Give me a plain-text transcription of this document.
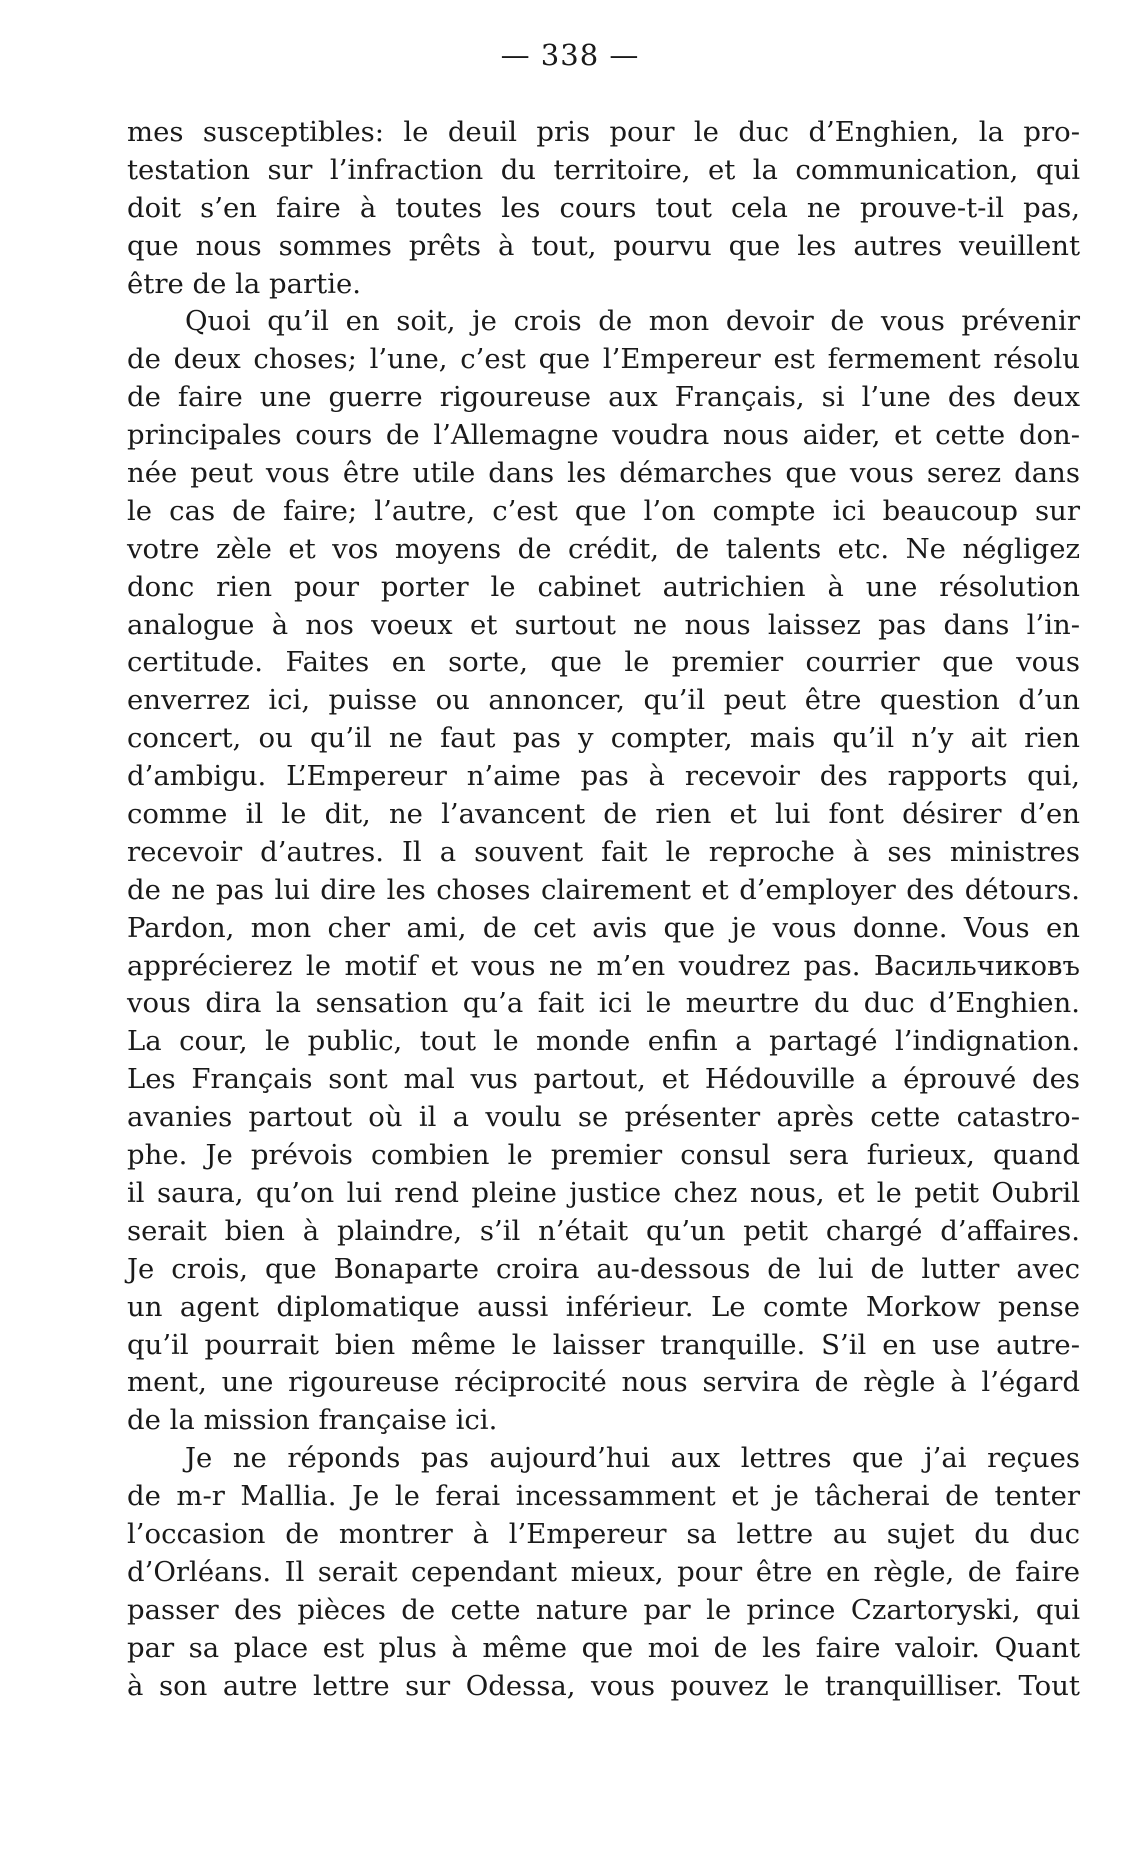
— 338 —
mes susceptibles: le deuil pris pour le duc d’Enghien, la pro-
testation sur l’infraction du territoire, et la communication, qui
doit s’en faire à toutes les cours tout cela ne prouve-t-il pas,
que nous sommes prêts à tout, pourvu que les autres veuillent
être de la partie.
Quoi qu’il en soit, je crois de mon devoir de vous prévenir
de deux choses; l’une, c’est que l’Empereur est fermement résolu
de faire une guerre rigoureuse aux Français, si l’une des deux
principales cours de l’Allemagne voudra nous aider, et cette don-
née peut vous être utile dans les démarches que vous serez dans
le cas de faire; l’autre, c’est que l’on compte ici beaucoup sur
votre zèle et vos moyens de crédit, de talents etc. Ne négligez
donc rien pour porter le cabinet autrichien à une résolution
analogue à nos voeux et surtout ne nous laissez pas dans l’in-
certitude. Faites en sorte, que le premier courrier que vous
enverrez ici, puisse ou annoncer, qu’il peut être question d’un
concert, ou qu’il ne faut pas y compter, mais qu’il n’y ait rien
d’ambigu. L’Empereur n’aime pas à recevoir des rapports qui,
comme il le dit, ne l’avancent de rien et lui font désirer d’en
recevoir d’autres. Il a souvent fait le reproche à ses ministres
de ne pas lui dire les choses clairement et d’employer des détours.
Pardon, mon cher ami, de cet avis que je vous donne. Vous en
apprécierez le motif et vous ne m’en voudrez pas. Васильчиковъ
vous dira la sensation qu’a fait ici le meurtre du duc d’Enghien.
La cour, le public, tout le monde enfin a partagé l’indignation.
Les Français sont mal vus partout, et Hédouville a éprouvé des
avanies partout où il a voulu se présenter après cette catastro-
phe. Je prévois combien le premier consul sera furieux, quand
il saura, qu’on lui rend pleine justice chez nous, et le petit Oubril
serait bien à plaindre, s’il n’était qu’un petit chargé d’affaires.
Je crois, que Bonaparte croira au-dessous de lui de lutter avec
un agent diplomatique aussi inférieur. Le comte Morkow pense
qu’il pourrait bien même le laisser tranquille. S’il en use autre-
ment, une rigoureuse réciprocité nous servira de règle à l’égard
de la mission française ici.
Je ne réponds pas aujourd’hui aux lettres que j’ai reçues
de m-r Mallia. Je le ferai incessamment et je tâcherai de tenter
l’occasion de montrer à l’Empereur sa lettre au sujet du duc
d’Orléans. Il serait cependant mieux, pour être en règle, de faire
passer des pièces de cette nature par le prince Czartoryski, qui
par sa place est plus à même que moi de les faire valoir. Quant
à son autre lettre sur Odessa, vous pouvez le tranquilliser. Tout
